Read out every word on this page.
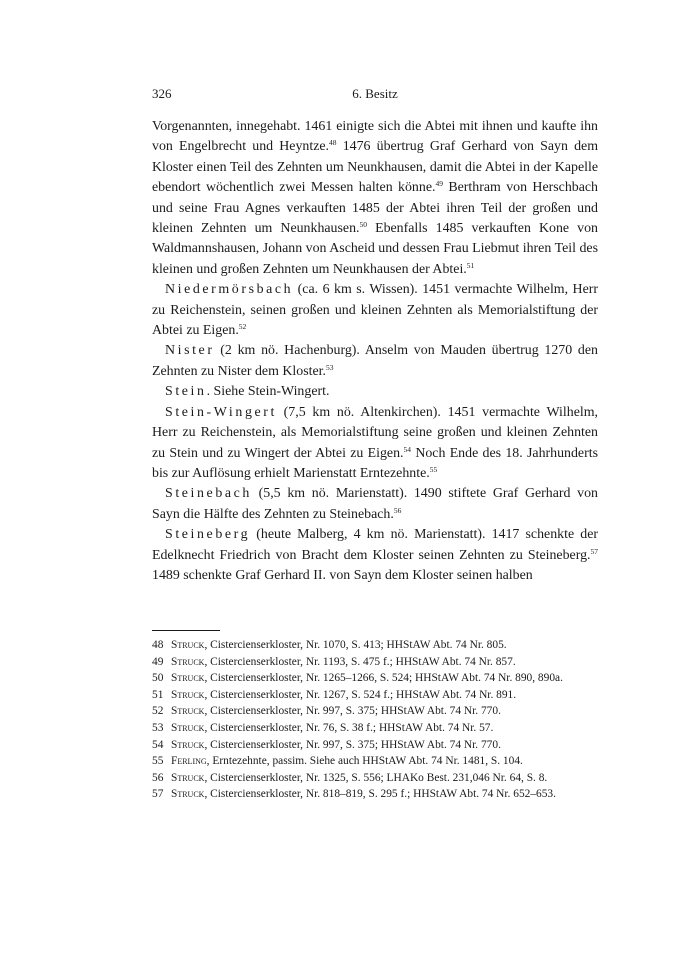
326	6. Besitz

Vorgenannten, innegehabt. 1461 einigte sich die Abtei mit ihnen und kaufte ihn von Engelbrecht und Heyntze.$^{48}$ 1476 übertrug Graf Gerhard von Sayn dem Kloster einen Teil des Zehnten um Neunkhausen, damit die Abtei in der Kapelle ebendort wöchentlich zwei Messen halten könne.$^{49}$ Berthram von Herschbach und seine Frau Agnes verkauften 1485 der Abtei ihren Teil der großen und kleinen Zehnten um Neunkhausen.$^{50}$ Ebenfalls 1485 verkauften Kone von Waldmannshausen, Johann von Ascheid und dessen Frau Liebmut ihren Teil des kleinen und großen Zehnten um Neunkhausen der Abtei.$^{51}$

Niedermörsbach (ca. 6 km s. Wissen). 1451 vermachte Wilhelm, Herr zu Reichenstein, seinen großen und kleinen Zehnten als Memorialstiftung der Abtei zu Eigen.$^{52}$

Nister (2 km nö. Hachenburg). Anselm von Mauden übertrug 1270 den Zehnten zu Nister dem Kloster.$^{53}$

Stein. Siehe Stein-Wingert.

Stein-Wingert (7,5 km nö. Altenkirchen). 1451 vermachte Wilhelm, Herr zu Reichenstein, als Memorialstiftung seine großen und kleinen Zehnten zu Stein und zu Wingert der Abtei zu Eigen.$^{54}$ Noch Ende des 18. Jahrhunderts bis zur Auflösung erhielt Marienstatt Erntezehnte.$^{55}$

Steinebach (5,5 km nö. Marienstatt). 1490 stiftete Graf Gerhard von Sayn die Hälfte des Zehnten zu Steinebach.$^{56}$

Steineberg (heute Malberg, 4 km nö. Marienstatt). 1417 schenkte der Edelknecht Friedrich von Bracht dem Kloster seinen Zehnten zu Steineberg.$^{57}$ 1489 schenkte Graf Gerhard II. von Sayn dem Kloster seinen halben

48 Struck, Cistercienserkloster, Nr. 1070, S. 413; HHStAW Abt. 74 Nr. 805.
49 Struck, Cistercienserkloster, Nr. 1193, S. 475 f.; HHStAW Abt. 74 Nr. 857.
50 Struck, Cistercienserkloster, Nr. 1265–1266, S. 524; HHStAW Abt. 74 Nr. 890, 890a.
51 Struck, Cistercienserkloster, Nr. 1267, S. 524 f.; HHStAW Abt. 74 Nr. 891.
52 Struck, Cistercienserkloster, Nr. 997, S. 375; HHStAW Abt. 74 Nr. 770.
53 Struck, Cistercienserkloster, Nr. 76, S. 38 f.; HHStAW Abt. 74 Nr. 57.
54 Struck, Cistercienserkloster, Nr. 997, S. 375; HHStAW Abt. 74 Nr. 770.
55 Ferling, Erntezehnte, passim. Siehe auch HHStAW Abt. 74 Nr. 1481, S. 104.
56 Struck, Cistercienserkloster, Nr. 1325, S. 556; LHAKo Best. 231,046 Nr. 64, S. 8.
57 Struck, Cistercienserkloster, Nr. 818–819, S. 295 f.; HHStAW Abt. 74 Nr. 652–653.
